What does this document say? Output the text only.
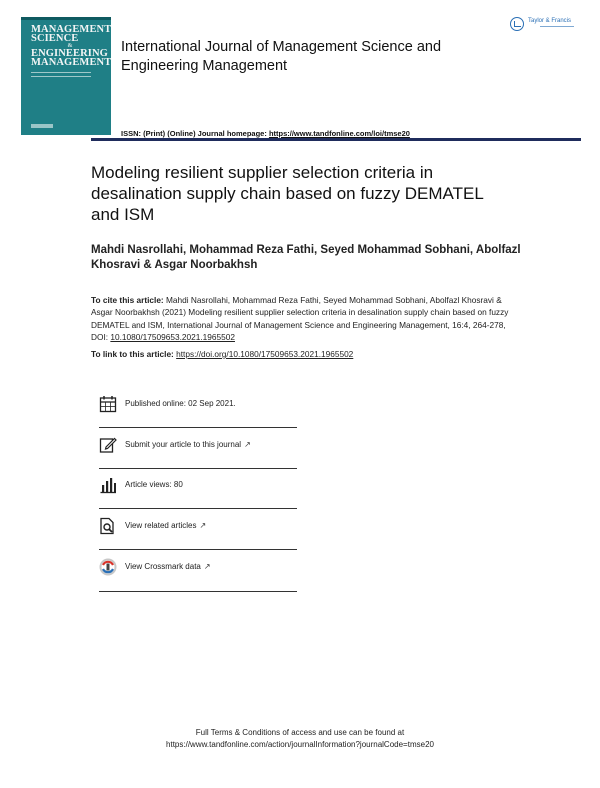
MANAGEMENT
SCIENCE
&
ENGINEERING
MANAGEMENT
International Journal of Management Science and Engineering Management
Taylor & Francis
ISSN: (Print) (Online) Journal homepage: https://www.tandfonline.com/loi/tmse20
Modeling resilient supplier selection criteria in desalination supply chain based on fuzzy DEMATEL and ISM
Mahdi Nasrollahi, Mohammad Reza Fathi, Seyed Mohammad Sobhani, Abolfazl Khosravi & Asgar Noorbakhsh
To cite this article: Mahdi Nasrollahi, Mohammad Reza Fathi, Seyed Mohammad Sobhani, Abolfazl Khosravi & Asgar Noorbakhsh (2021) Modeling resilient supplier selection criteria in desalination supply chain based on fuzzy DEMATEL and ISM, International Journal of Management Science and Engineering Management, 16:4, 264-278, DOI: 10.1080/17509653.2021.1965502
To link to this article: https://doi.org/10.1080/17509653.2021.1965502
Published online: 02 Sep 2021.
Submit your article to this journal ↗
Article views: 80
View related articles ↗
View Crossmark data ↗
Full Terms & Conditions of access and use can be found at
https://www.tandfonline.com/action/journalInformation?journalCode=tmse20
